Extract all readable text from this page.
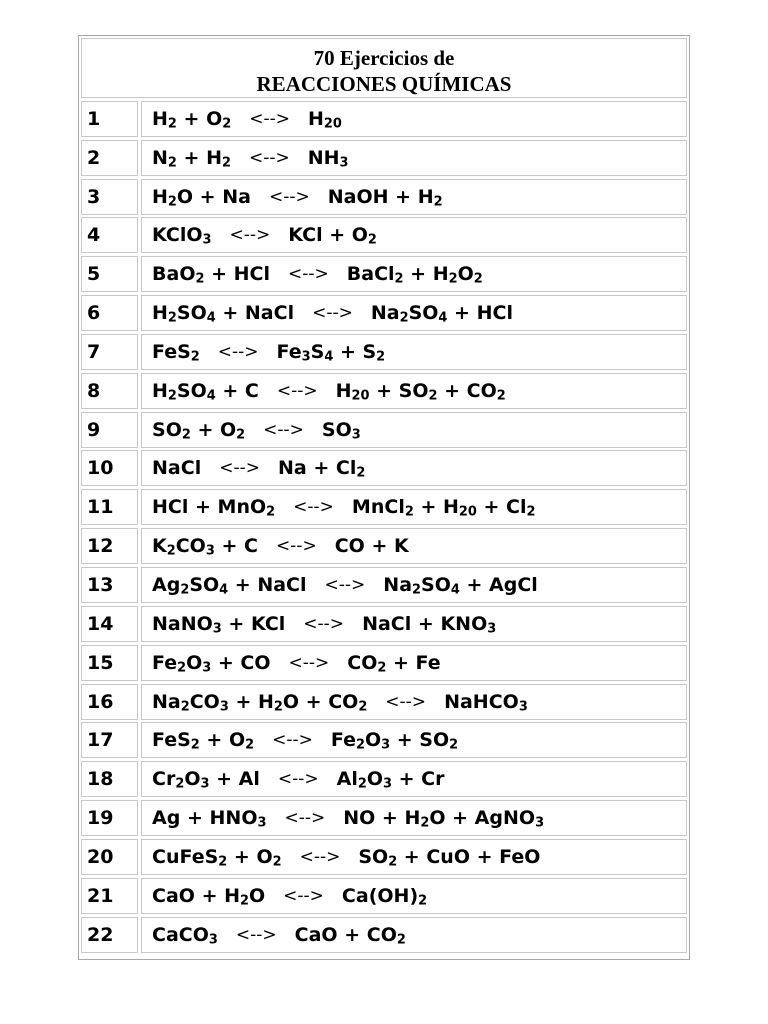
70 Ejercicios de
REACCIONES QUÍMICAS
1	$H_2 + O_2$ <--> $H_{20}$
2	$N_2 + H_2$ <--> $NH_3$
3	$H_2O + Na$ <--> NaOH + $H_2$
4	KClO$_3$ <--> KCl + $O_2$
5	BaO$_2$ + HCl <--> BaCl$_2$ + $H_2O_2$
6	$H_2SO_4$ + NaCl <--> $Na_2SO_4$ + HCl
7	FeS$_2$ <--> $Fe_3S_4 + S_2$
8	$H_2SO_4 + C$ <--> $H_{20} + SO_2 + CO_2$
9	$SO_2 + O_2$ <--> $SO_3$
10	NaCl <--> $Na + Cl_2$
11	HCl + MnO$_2$ <--> MnCl$_2$ + $H_{20} + Cl_2$
12	$K_2CO_3 + C$ <--> CO + K
13	$Ag_2SO_4$ + NaCl <--> $Na_2SO_4$ + AgCl
14	NaNO$_3$ + KCl <--> NaCl + $KNO_3$
15	$Fe_2O_3$ + CO <--> $CO_2 + Fe$
16	$Na_2CO_3 + H_2O + CO_2$ <--> NaHCO$_3$
17	$FeS_2 + O_2$ <--> $Fe_2O_3 + SO_2$
18	$Cr_2O_3 + Al$ <--> $Al_2O_3 + Cr$
19	$Ag + HNO_3$ <--> NO + $H_2O$ + AgNO$_3$
20	CuFeS$_2$ + $O_2$ <--> $SO_2$ + CuO + FeO
21	CaO + $H_2O$ <--> $Ca(OH)_2$
22	CaCO$_3$ <--> CaO + $CO_2$
